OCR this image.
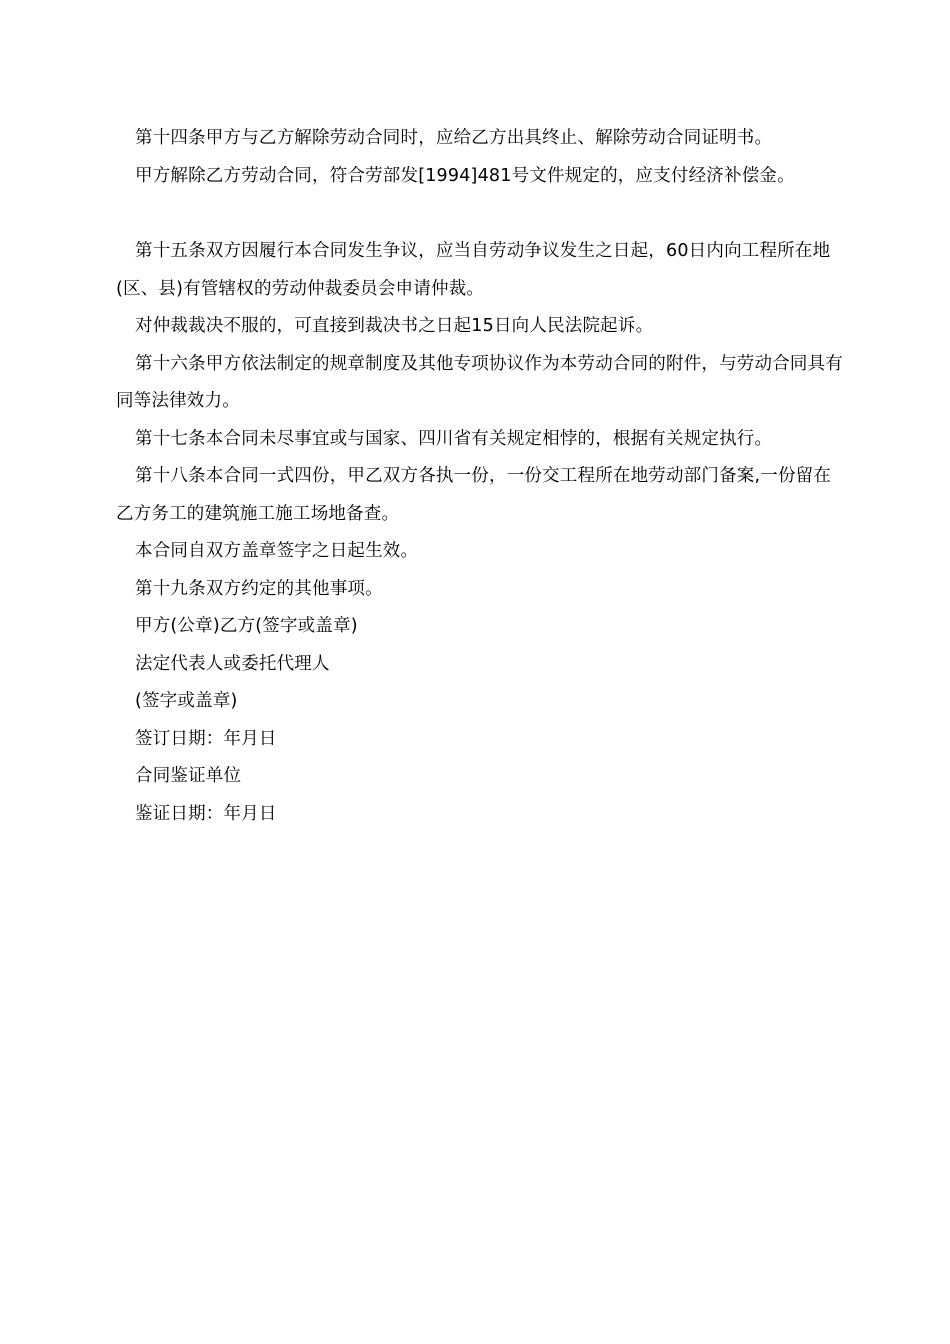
第十四条甲方与乙方解除劳动合同时，应给乙方出具终止、解除劳动合同证明书。

甲方解除乙方劳动合同，符合劳部发[1994]481号文件规定的，应支付经济补偿金。

第十五条双方因履行本合同发生争议，应当自劳动争议发生之日起，60日内向工程所在地(区、县)有管辖权的劳动仲裁委员会申请仲裁。

对仲裁裁决不服的，可直接到裁决书之日起15日向人民法院起诉。

第十六条甲方依法制定的规章制度及其他专项协议作为本劳动合同的附件，与劳动合同具有同等法律效力。

第十七条本合同未尽事宜或与国家、四川省有关规定相悖的，根据有关规定执行。

第十八条本合同一式四份，甲乙双方各执一份，一份交工程所在地劳动部门备案,一份留在乙方务工的建筑施工施工场地备查。

本合同自双方盖章签字之日起生效。

第十九条双方约定的其他事项。

甲方(公章)乙方(签字或盖章)

法定代表人或委托代理人

(签字或盖章)

签订日期：年月日

合同鉴证单位

鉴证日期：年月日
